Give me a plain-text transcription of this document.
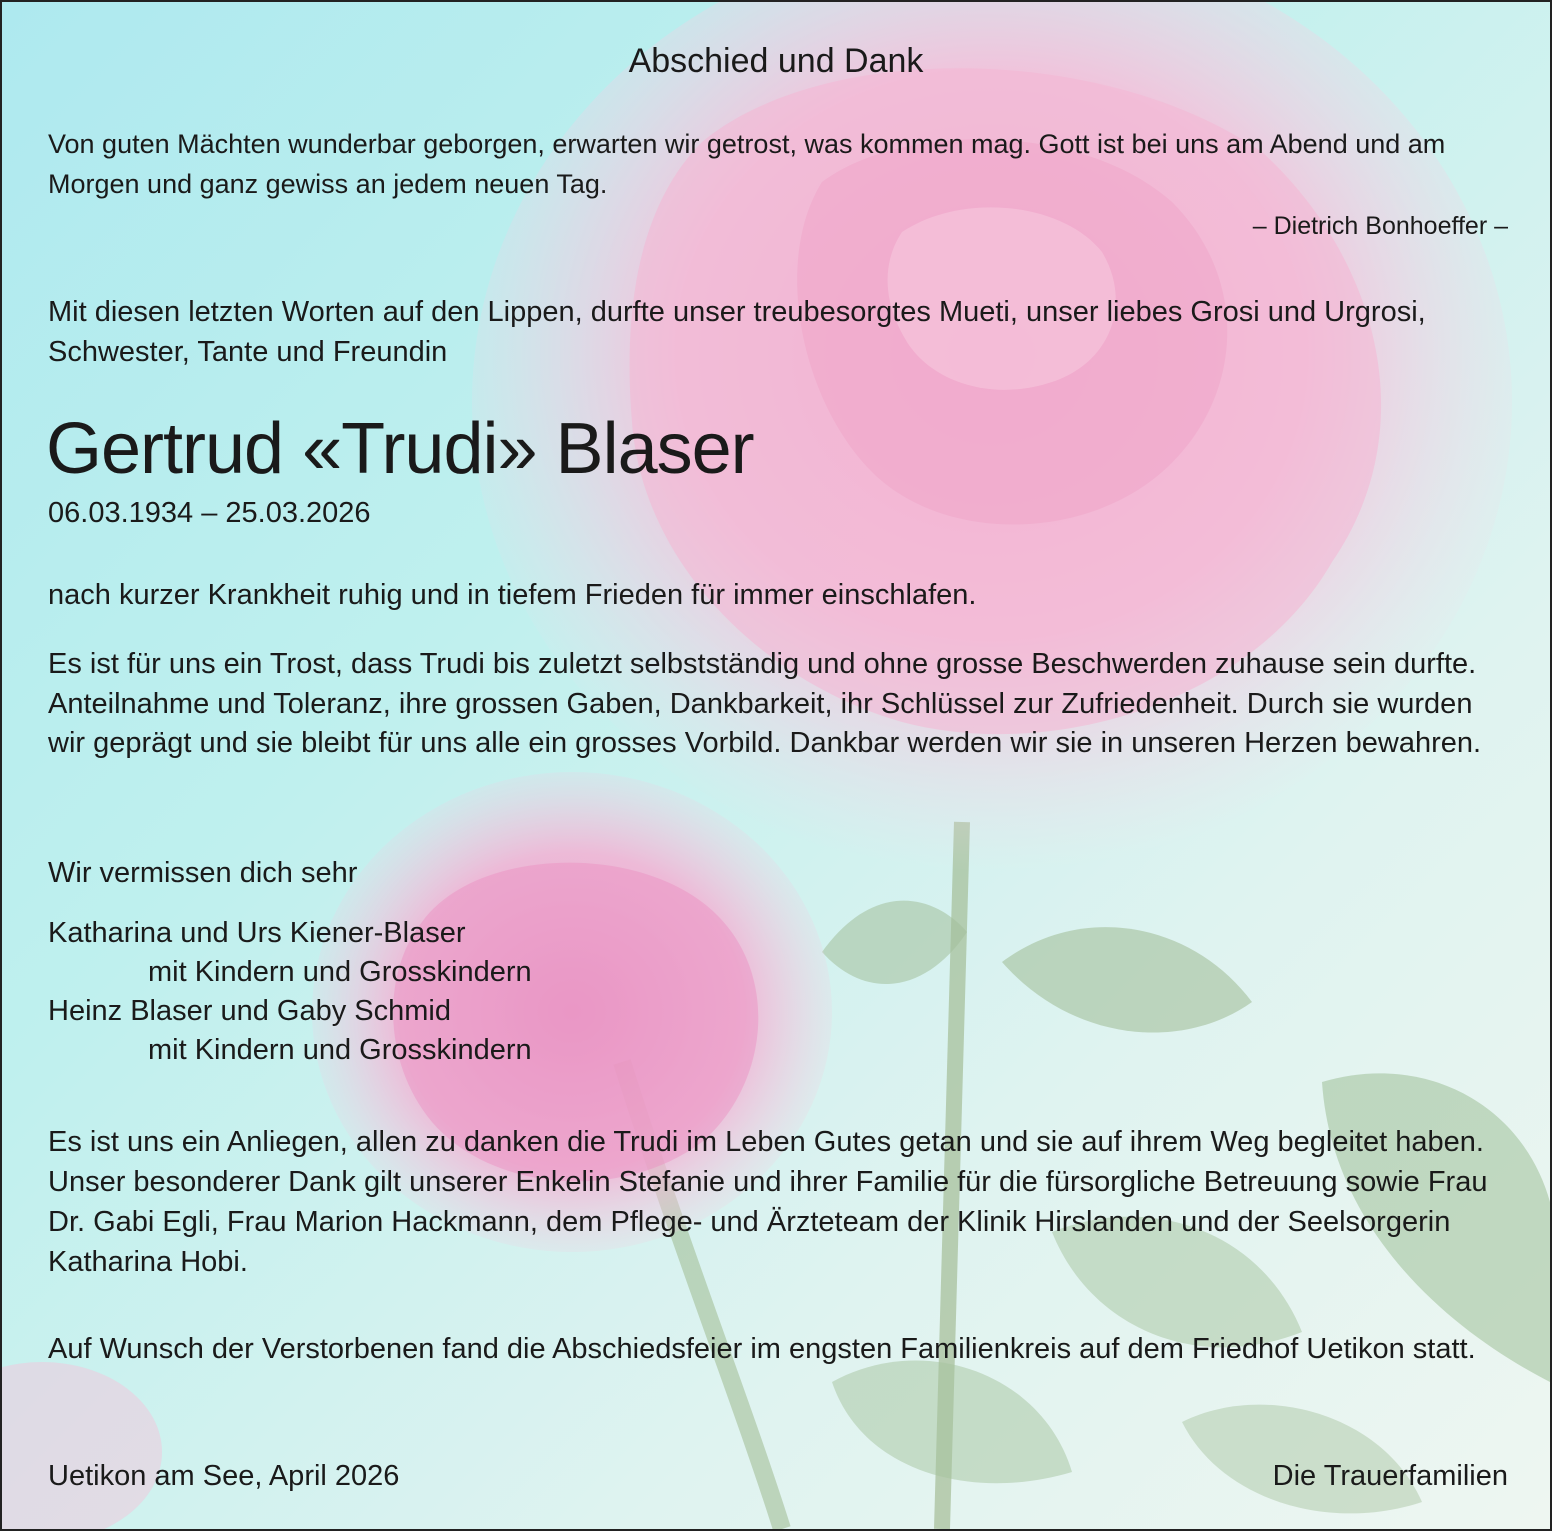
Abschied und Dank
Von guten Mächten wunderbar geborgen, erwarten wir getrost, was kommen mag. Gott ist bei uns am Abend und am Morgen und ganz gewiss an jedem neuen Tag.
– Dietrich Bonhoeffer –
Mit diesen letzten Worten auf den Lippen, durfte unser treubesorgtes Mueti, unser liebes Grosi und Urgrosi, Schwester, Tante und Freundin
Gertrud «Trudi» Blaser
06.03.1934 – 25.03.2026
nach kurzer Krankheit ruhig und in tiefem Frieden für immer einschlafen.
Es ist für uns ein Trost, dass Trudi bis zuletzt selbstständig und ohne grosse Beschwerden zuhause sein durfte. Anteilnahme und Toleranz, ihre grossen Gaben, Dankbarkeit, ihr Schlüssel zur Zufriedenheit. Durch sie wurden wir geprägt und sie bleibt für uns alle ein grosses Vorbild. Dankbar werden wir sie in unseren Herzen bewahren.
Wir vermissen dich sehr
Katharina und Urs Kiener-Blaser
mit Kindern und Grosskindern
Heinz Blaser und Gaby Schmid
mit Kindern und Grosskindern
Es ist uns ein Anliegen, allen zu danken die Trudi im Leben Gutes getan und sie auf ihrem Weg begleitet haben. Unser besonderer Dank gilt unserer Enkelin Stefanie und ihrer Familie für die fürsorgliche Betreuung sowie Frau Dr. Gabi Egli, Frau Marion Hackmann, dem Pflege- und Ärzteteam der Klinik Hirslanden und der Seelsorgerin Katharina Hobi.
Auf Wunsch der Verstorbenen fand die Abschiedsfeier im engsten Familienkreis auf dem Friedhof Uetikon statt.
Uetikon am See, April 2026	Die Trauerfamilien
